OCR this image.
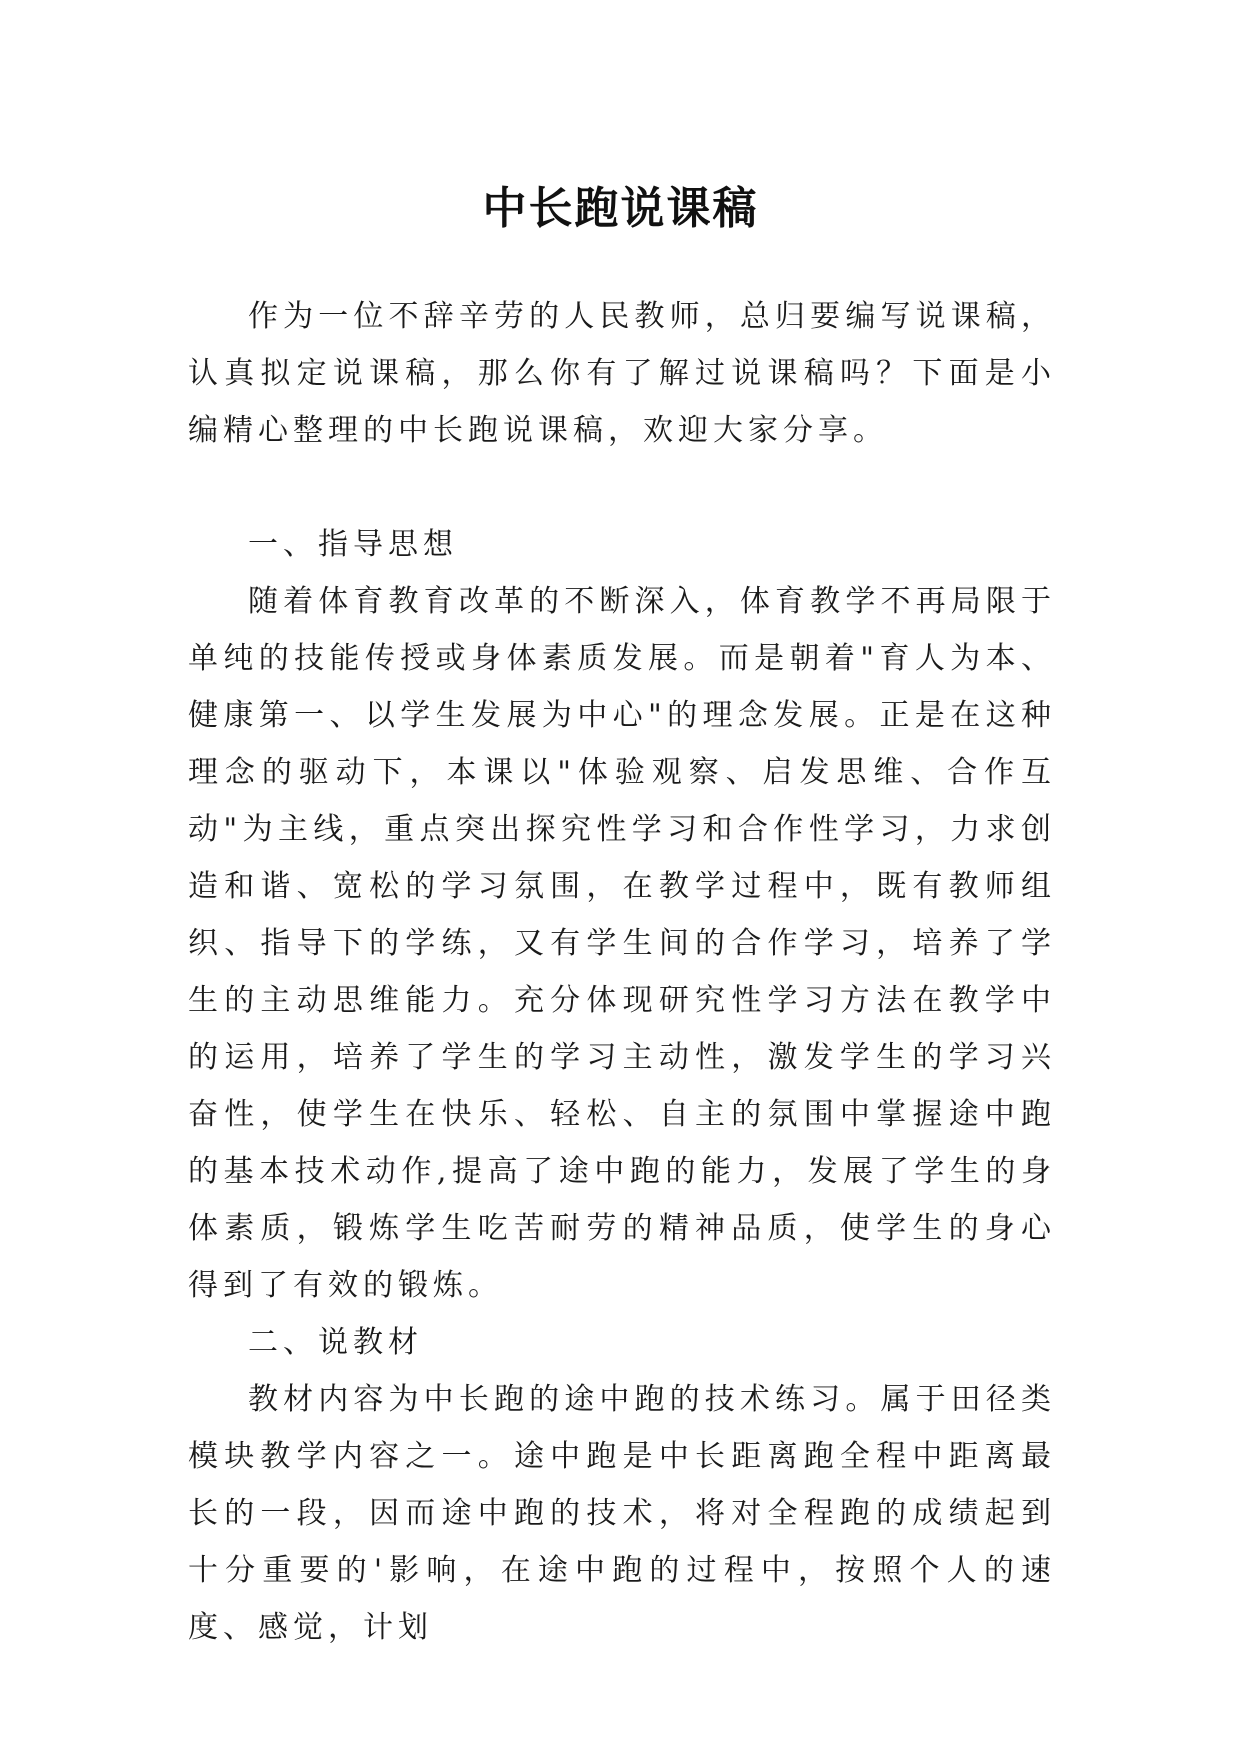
中长跑说课稿

作为一位不辞辛劳的人民教师，总归要编写说课稿，认真拟定说课稿，那么你有了解过说课稿吗？下面是小编精心整理的中长跑说课稿，欢迎大家分享。

一、指导思想

随着体育教育改革的不断深入，体育教学不再局限于单纯的技能传授或身体素质发展。而是朝着"育人为本、健康第一、以学生发展为中心"的理念发展。正是在这种理念的驱动下，本课以"体验观察、启发思维、合作互动"为主线，重点突出探究性学习和合作性学习，力求创造和谐、宽松的学习氛围，在教学过程中，既有教师组织、指导下的学练，又有学生间的合作学习，培养了学生的主动思维能力。充分体现研究性学习方法在教学中的运用，培养了学生的学习主动性，激发学生的学习兴奋性，使学生在快乐、轻松、自主的氛围中掌握途中跑的基本技术动作,提高了途中跑的能力，发展了学生的身体素质，锻炼学生吃苦耐劳的精神品质，使学生的身心得到了有效的锻炼。

二、说教材

教材内容为中长跑的途中跑的技术练习。属于田径类模块教学内容之一。途中跑是中长距离跑全程中距离最长的一段，因而途中跑的技术，将对全程跑的成绩起到十分重要的'影响，在途中跑的过程中，按照个人的速度、感觉，计划
